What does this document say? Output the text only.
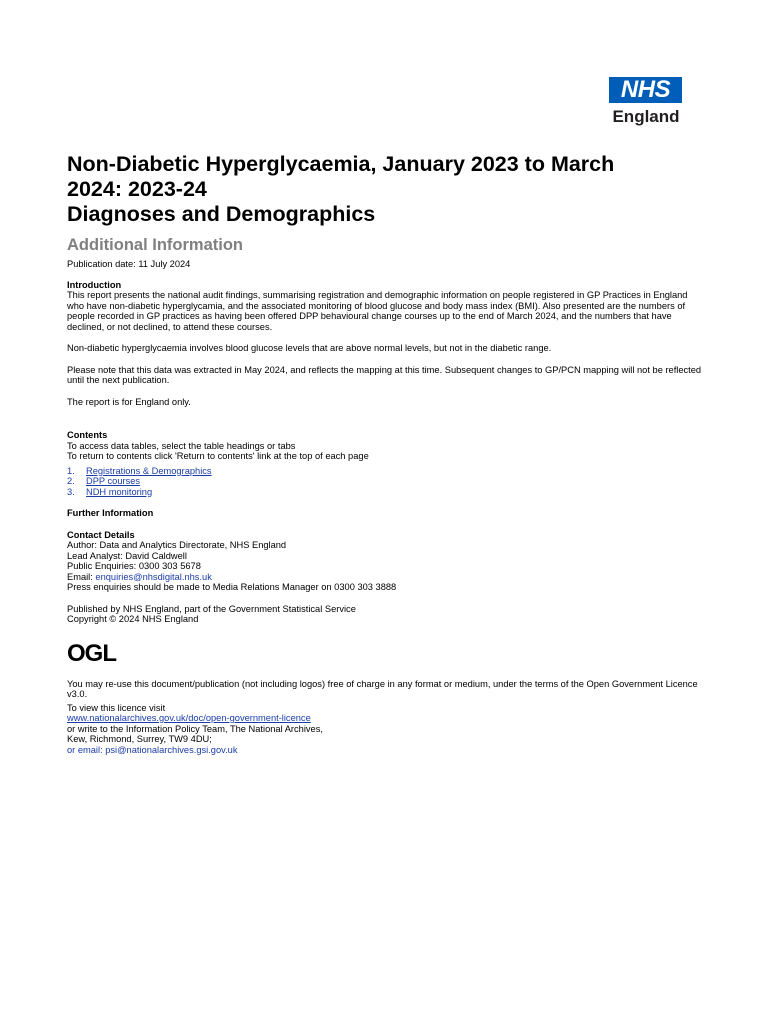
NHS
England
Non-Diabetic Hyperglycaemia, January 2023 to March
2024: 2023-24
Diagnoses and Demographics
Additional Information

Publication date: 11 July 2024

Introduction

This report presents the national audit findings, summarising registration and demographic information on people registered in GP Practices in England who have non-diabetic hyperglycamia, and the associated monitoring of blood glucose and body mass index (BMI). Also presented are the numbers of people recorded in GP practices as having been offered DPP behavioural change courses up to the end of March 2024, and the numbers that have declined, or not declined, to attend these courses.

Non-diabetic hyperglycaemia involves blood glucose levels that are above normal levels, but not in the diabetic range.

Please note that this data was extracted in May 2024, and reflects the mapping at this time. Subsequent changes to GP/PCN mapping will not be reflected until the next publication.

The report is for England only.

Contents

To access data tables, select the table headings or tabs

To return to contents click 'Return to contents' link at the top of each page

1. Registrations & Demographics
2. DPP courses
3. NDH monitoring

Further Information

Contact Details

Author: Data and Analytics Directorate, NHS England

Lead Analyst: David Caldwell

Public Enquiries: 0300 303 5678

Email: enquiries@nhsdigital.nhs.uk

Press enquiries should be made to Media Relations Manager on 0300 303 3888

Published by NHS England, part of the Government Statistical Service

Copyright © 2024 NHS England

OGL

You may re-use this document/publication (not including logos) free of charge in any format or medium, under the terms of the Open Government Licence v3.0.

To view this licence visit

www.nationalarchives.gov.uk/doc/open-government-licence

or write to the Information Policy Team, The National Archives,

Kew, Richmond, Surrey, TW9 4DU;

or email: psi@nationalarchives.gsi.gov.uk
